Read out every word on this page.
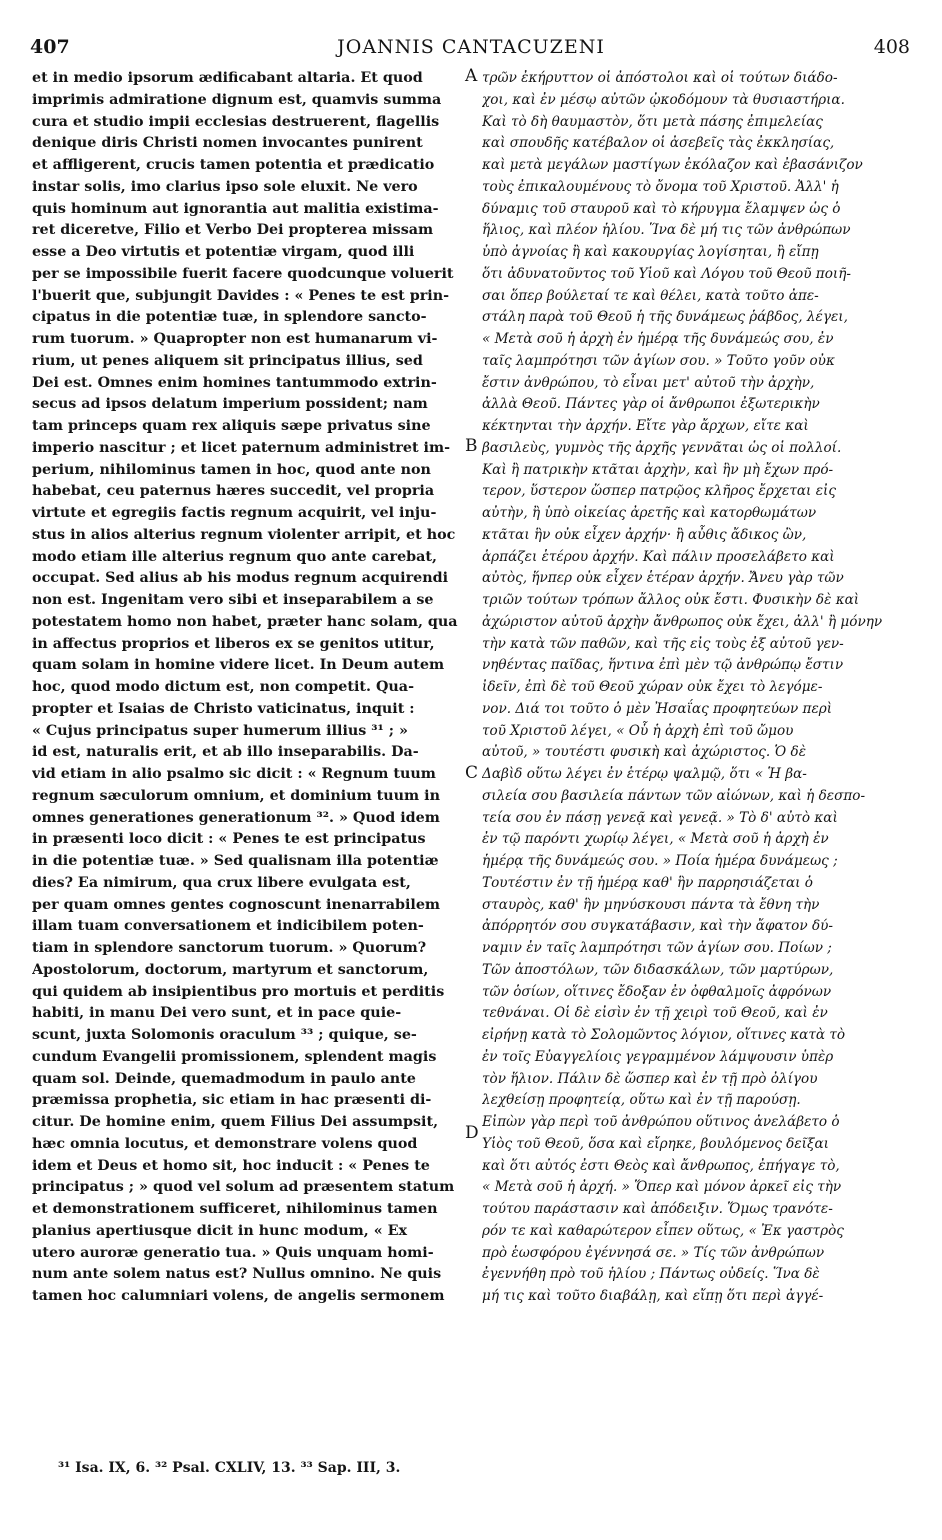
407	JOANNIS CANTACUZENI	408
et in medio ipsorum ædificabant altaria. Et quod
imprimis admiratione dignum est, quamvis summa
cura et studio impii ecclesias destruerent, flagellis
denique diris Christi nomen invocantes punirent
et affligerent, crucis tamen potentia et prædicatio
instar solis, imo clarius ipso sole eluxit. Ne vero
quis hominum aut ignorantia aut malitia existima-
ret diceretve, Filio et Verbo Dei propterea missam
esse a Deo virtutis et potentiæ virgam, quod illi
per se impossibile fuerit facere quodcunque voluerit
l'buerit que, subjungit Davides : « Penes te est prin-
cipatus in die potentiæ tuæ, in splendore sancto-
rum tuorum. » Quapropter non est humanarum vi-
rium, ut penes aliquem sit principatus illius, sed
Dei est. Omnes enim homines tantummodo extrin-
secus ad ipsos delatum imperium possident; nam
tam princeps quam rex aliquis sæpe privatus sine
imperio nascitur ; et licet paternum administret im-
perium, nihilominus tamen in hoc, quod ante non
habebat, ceu paternus hæres succedit, vel propria
virtute et egregiis factis regnum acquirit, vel inju-
stus in alios alterius regnum violenter arripit, et hoc
modo etiam ille alterius regnum quo ante carebat,
occupat. Sed alius ab his modus regnum acquirendi
non est. Ingenitam vero sibi et inseparabilem a se
potestatem homo non habet, præter hanc solam, qua
in affectus proprios et liberos ex se genitos utitur,
quam solam in homine videre licet. In Deum autem
hoc, quod modo dictum est, non competit. Qua-
propter et Isaias de Christo vaticinatus, inquit :
« Cujus principatus super humerum illius ³¹ ; »
id est, naturalis erit, et ab illo inseparabilis. Da-
vid etiam in alio psalmo sic dicit : « Regnum tuum
regnum sæculorum omnium, et dominium tuum in
omnes generationes generationum ³². » Quod idem
in præsenti loco dicit : « Penes te est principatus
in die potentiæ tuæ. » Sed qualisnam illa potentiæ
dies? Ea nimirum, qua crux libere evulgata est,
per quam omnes gentes cognoscunt inenarrabilem
illam tuam conversationem et indicibilem poten-
tiam in splendore sanctorum tuorum. » Quorum?
Apostolorum, doctorum, martyrum et sanctorum,
qui quidem ab insipientibus pro mortuis et perditis
habiti, in manu Dei vero sunt, et in pace quie-
scunt, juxta Solomonis oraculum ³³ ; quique, se-
cundum Evangelii promissionem, splendent magis
quam sol. Deinde, quemadmodum in paulo ante
præmissa prophetia, sic etiam in hac præsenti di-
citur. De homine enim, quem Filius Dei assumpsit,
hæc omnia locutus, et demonstrare volens quod
idem et Deus et homo sit, hoc inducit : « Penes te
principatus ; » quod vel solum ad præsentem statum
et demonstrationem sufficeret, nihilominus tamen
planius apertiusque dicit in hunc modum, « Ex
utero auroræ generatio tua. » Quis unquam homi-
num ante solem natus est? Nullus omnino. Ne quis
tamen hoc calumniari volens, de angelis sermonem
τρῶν ἐκήρυττον οἱ ἀπόστολοι καὶ οἱ τούτων διάδο-
χοι, καὶ ἐν μέσῳ αὐτῶν ᾠκοδόμουν τὰ θυσιαστήρια.
Καὶ τὸ δὴ θαυμαστὸν, ὅτι μετὰ πάσης ἐπιμελείας
καὶ σπουδῆς κατέβαλον οἱ ἀσεβεῖς τὰς ἐκκλησίας,
καὶ μετὰ μεγάλων μαστίγων ἐκόλαζον καὶ ἐβασάνιζον
τοὺς ἐπικαλουμένους τὸ ὄνομα τοῦ Χριστοῦ. Ἀλλ' ἡ
δύναμις τοῦ σταυροῦ καὶ τὸ κήρυγμα ἔλαμψεν ὡς ὁ
ἥλιος, καὶ πλέον ἡλίου. Ἵνα δὲ μή τις τῶν ἀνθρώπων
ὑπὸ ἀγνοίας ἢ καὶ κακουργίας λογίσηται, ἢ εἴπῃ
ὅτι ἀδυνατοῦντος τοῦ Υἱοῦ καὶ Λόγου τοῦ Θεοῦ ποιῆ-
σαι ὅπερ βούλεταί τε καὶ θέλει, κατὰ τοῦτο ἀπε-
στάλη παρὰ τοῦ Θεοῦ ἡ τῆς δυνάμεως ῥάβδος, λέγει,
« Μετὰ σοῦ ἡ ἀρχὴ ἐν ἡμέρᾳ τῆς δυνάμεώς σου, ἐν
ταῖς λαμπρότησι τῶν ἁγίων σου. » Τοῦτο γοῦν οὐκ
ἔστιν ἀνθρώπου, τὸ εἶναι μετ' αὐτοῦ τὴν ἀρχὴν,
ἀλλὰ Θεοῦ. Πάντες γὰρ οἱ ἄνθρωποι ἐξωτερικὴν
κέκτηνται τὴν ἀρχήν. Εἴτε γὰρ ἄρχων, εἴτε καὶ
βασιλεὺς, γυμνὸς τῆς ἀρχῆς γεννᾶται ὡς οἱ πολλοί.
Καὶ ἢ πατρικὴν κτᾶται ἀρχὴν, καὶ ἣν μὴ ἔχων πρό-
τερον, ὕστερον ὥσπερ πατρῷος κλῆρος ἔρχεται εἰς
αὐτὴν, ἢ ὑπὸ οἰκείας ἀρετῆς καὶ κατορθωμάτων
κτᾶται ἣν οὐκ εἶχεν ἀρχήν· ἢ αὖθις ἄδικος ὢν,
ἁρπάζει ἑτέρου ἀρχήν. Καὶ πάλιν προσελάβετο καὶ
αὐτὸς, ἥνπερ οὐκ εἶχεν ἑτέραν ἀρχήν. Ἄνευ γὰρ τῶν
τριῶν τούτων τρόπων ἄλλος οὐκ ἔστι. Φυσικὴν δὲ καὶ
ἀχώριστον αὐτοῦ ἀρχὴν ἄνθρωπος οὐκ ἔχει, ἀλλ' ἢ μόνην
τὴν κατὰ τῶν παθῶν, καὶ τῆς εἰς τοὺς ἐξ αὐτοῦ γεν-
νηθέντας παῖδας, ἥντινα ἐπὶ μὲν τῷ ἀνθρώπῳ ἔστιν
ἰδεῖν, ἐπὶ δὲ τοῦ Θεοῦ χώραν οὐκ ἔχει τὸ λεγόμε-
νον. Διά τοι τοῦτο ὁ μὲν Ἠσαΐας προφητεύων περὶ
τοῦ Χριστοῦ λέγει, « Οὗ ἡ ἀρχὴ ἐπὶ τοῦ ὤμου
αὐτοῦ, » τουτέστι φυσικὴ καὶ ἀχώριστος. Ὁ δὲ
Δαβὶδ οὕτω λέγει ἐν ἑτέρῳ ψαλμῷ, ὅτι « Ἡ βα-
σιλεία σου βασιλεία πάντων τῶν αἰώνων, καὶ ἡ δεσπο-
τεία σου ἐν πάσῃ γενεᾷ καὶ γενεᾷ. » Τὸ δ' αὐτὸ καὶ
ἐν τῷ παρόντι χωρίῳ λέγει, « Μετὰ σοῦ ἡ ἀρχὴ ἐν
ἡμέρᾳ τῆς δυνάμεώς σου. » Ποία ἡμέρα δυνάμεως ;
Τουτέστιν ἐν τῇ ἡμέρᾳ καθ' ἣν παρρησιάζεται ὁ
σταυρὸς, καθ' ἣν μηνύσκουσι πάντα τὰ ἔθνη τὴν
ἀπόρρητόν σου συγκατάβασιν, καὶ τὴν ἄφατον δύ-
ναμιν ἐν ταῖς λαμπρότησι τῶν ἁγίων σου. Ποίων ;
Τῶν ἀποστόλων, τῶν διδασκάλων, τῶν μαρτύρων,
τῶν ὁσίων, οἵτινες ἔδοξαν ἐν ὀφθαλμοῖς ἀφρόνων
τεθνάναι. Οἱ δὲ εἰσὶν ἐν τῇ χειρὶ τοῦ Θεοῦ, καὶ ἐν
εἰρήνῃ κατὰ τὸ Σολομῶντος λόγιον, οἵτινες κατὰ τὸ
ἐν τοῖς Εὐαγγελίοις γεγραμμένον λάμψουσιν ὑπὲρ
τὸν ἥλιον. Πάλιν δὲ ὥσπερ καὶ ἐν τῇ πρὸ ὀλίγου
λεχθείσῃ προφητείᾳ, οὕτω καὶ ἐν τῇ παρούσῃ.
Εἰπὼν γὰρ περὶ τοῦ ἀνθρώπου οὕτινος ἀνελάβετο ὁ
Υἱὸς τοῦ Θεοῦ, ὅσα καὶ εἴρηκε, βουλόμενος δεῖξαι
καὶ ὅτι αὐτός ἐστι Θεὸς καὶ ἄνθρωπος, ἐπήγαγε τὸ,
« Μετὰ σοῦ ἡ ἀρχή. » Ὅπερ καὶ μόνον ἀρκεῖ εἰς τὴν
τούτου παράστασιν καὶ ἀπόδειξιν. Ὅμως τρανότε-
ρόν τε καὶ καθαρώτερον εἶπεν οὕτως, « Ἐκ γαστρὸς
πρὸ ἑωσφόρου ἐγέννησά σε. » Τίς τῶν ἀνθρώπων
ἐγεννήθη πρὸ τοῦ ἡλίου ; Πάντως οὐδείς. Ἵνα δὲ
μή τις καὶ τοῦτο διαβάλῃ, καὶ εἴπῃ ὅτι περὶ ἀγγέ-
A
B
C
D
³¹ Isa. IX, 6. ³² Psal. CXLIV, 13. ³³ Sap. III, 3.
